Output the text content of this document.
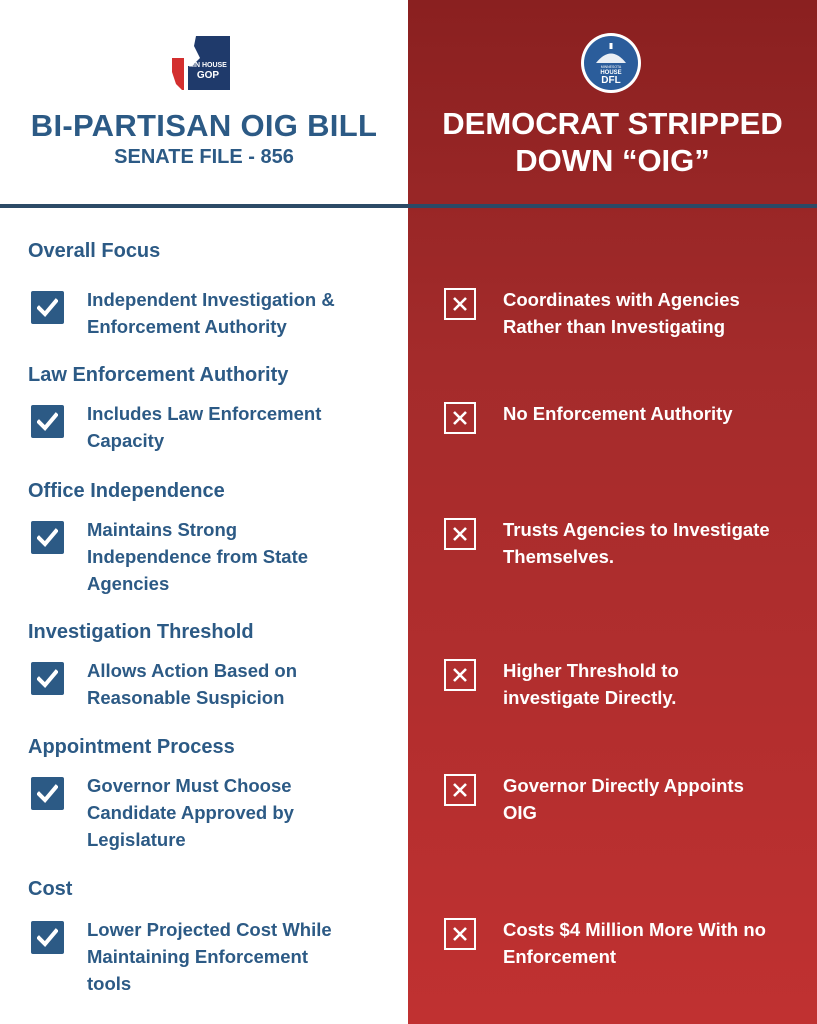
MN HOUSE
GOP
MINNESOTA
HOUSE
DFL
BI-PARTISAN OIG BILL
SENATE FILE - 856
DEMOCRAT STRIPPED
DOWN “OIG”
Overall Focus
Independent Investigation &
Enforcement Authority
Coordinates with Agencies
Rather than Investigating
Law Enforcement Authority
Includes Law Enforcement
Capacity
No Enforcement Authority
Office Independence
Maintains Strong
Independence from State
Agencies
Trusts Agencies to Investigate
Themselves.
Investigation Threshold
Allows Action Based on
Reasonable Suspicion
Higher Threshold to
investigate Directly.
Appointment Process
Governor Must Choose
Candidate Approved by
Legislature
Governor Directly Appoints
OIG
Cost
Lower Projected Cost While
Maintaining Enforcement
tools
Costs $4 Million More With no
Enforcement
